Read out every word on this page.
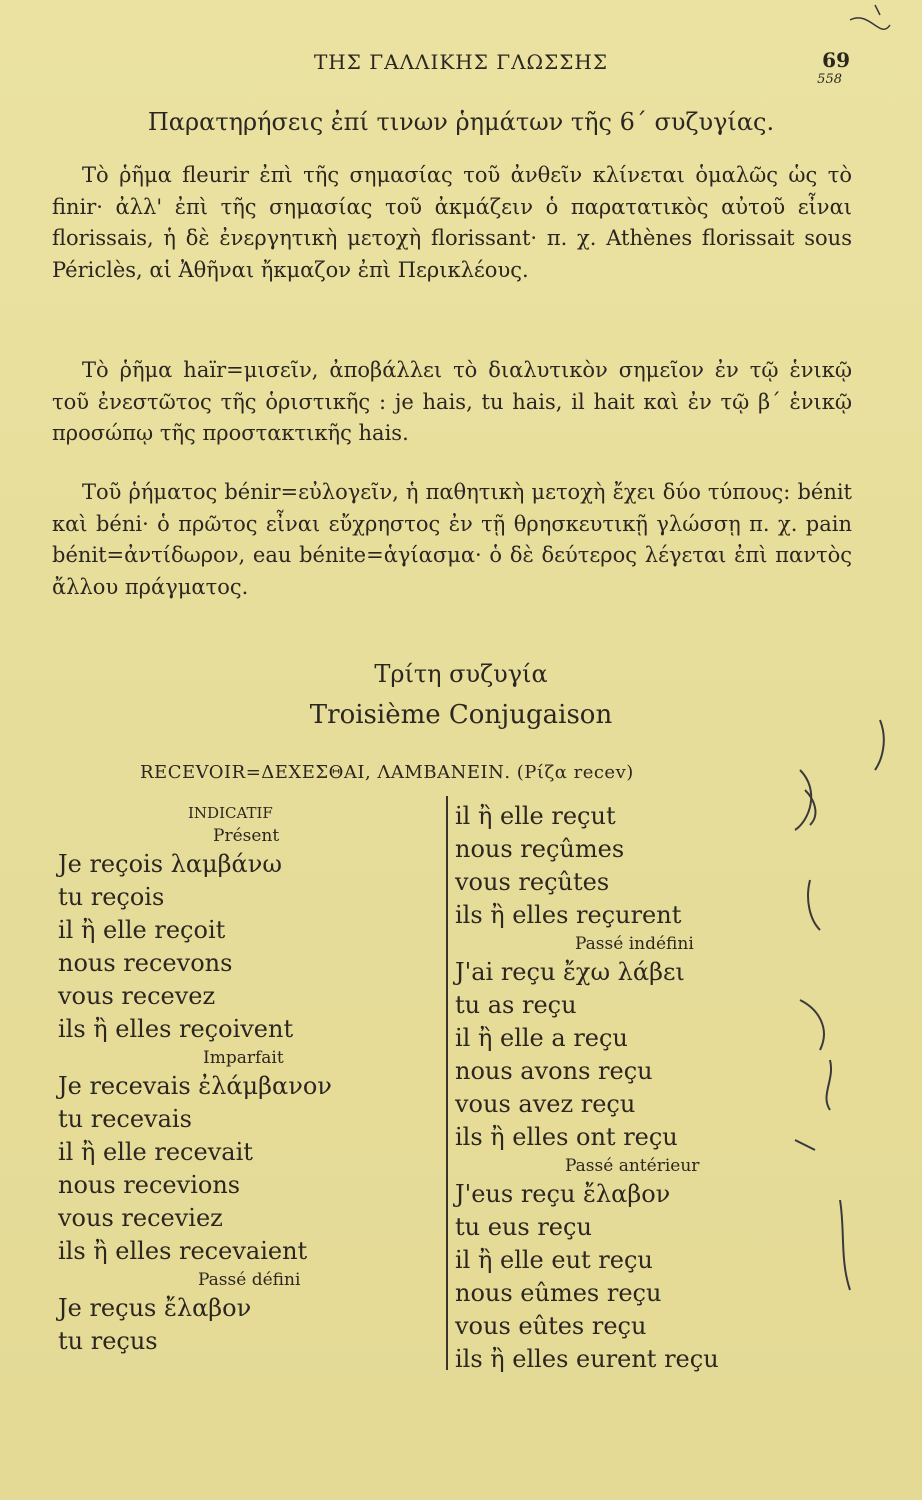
ΤΗΣ ΓΑΛΛΙΚΗΣ ΓΛΩΣΣΗΣ	69
558
Παρατηρήσεις ἐπί τινων ῥημάτων τῆς 6΄ συζυγίας.

Τὸ ῥῆμα fleurir ἐπὶ τῆς σημασίας τοῦ ἀνθεῖν κλίνεται ὁμαλῶς ὡς τὸ finir· ἀλλ' ἐπὶ τῆς σημασίας τοῦ ἀκμάζειν ὁ παρατατικὸς αὐτοῦ εἶναι florissais, ἡ δὲ ἐνεργητικὴ μετοχὴ florissant· π. χ. Athènes florissait sous Périclès, αἱ Ἀθῆναι ἤκμαζον ἐπὶ Περικλέους.

Τὸ ῥῆμα haïr=μισεῖν, ἀποβάλλει τὸ διαλυτικὸν σημεῖον ἐν τῷ ἑνικῷ τοῦ ἐνεστῶτος τῆς ὁριστικῆς : je hais, tu hais, il hait καὶ ἐν τῷ β΄ ἑνικῷ προσώπῳ τῆς προστακτικῆς hais.

Τοῦ ῥήματος bénir=εὐλογεῖν, ἡ παθητικὴ μετοχὴ ἔχει δύο τύπους: bénit καὶ béni· ὁ πρῶτος εἶναι εὔχρηστος ἐν τῇ θρησκευτικῇ γλώσσῃ π. χ. pain bénit=ἀντίδωρον, eau bénite=ἁγίασμα· ὁ δὲ δεύτερος λέγεται ἐπὶ παντὸς ἄλλου πράγματος.

Τρίτη συζυγία
Troisième Conjugaison
RECEVOIR=ΔΕΧΕΣΘΑΙ, ΛΑΜΒΑΝΕΙΝ. (Ρίζα recev)
INDICATIF
Présent
Je reçois λαμβάνω
tu reçois
il ἢ elle reçoit
nous recevons
vous recevez
ils ἢ elles reçoivent
Imparfait
Je recevais ἐλάμβανον
tu recevais
il ἢ elle recevait
nous recevions
vous receviez
ils ἢ elles recevaient
Passé défini
Je reçus ἔλαβον
tu reçus
il ἢ elle reçut
nous reçûmes
vous reçûtes
ils ἢ elles reçurent
Passé indéfini
J'ai reçu ἔχω λάβει
tu as reçu
il ἢ elle a reçu
nous avons reçu
vous avez reçu
ils ἢ elles ont reçu
Passé antérieur
J'eus reçu ἔλαβον
tu eus reçu
il ἢ elle eut reçu
nous eûmes reçu
vous eûtes reçu
ils ἢ elles eurent reçu
